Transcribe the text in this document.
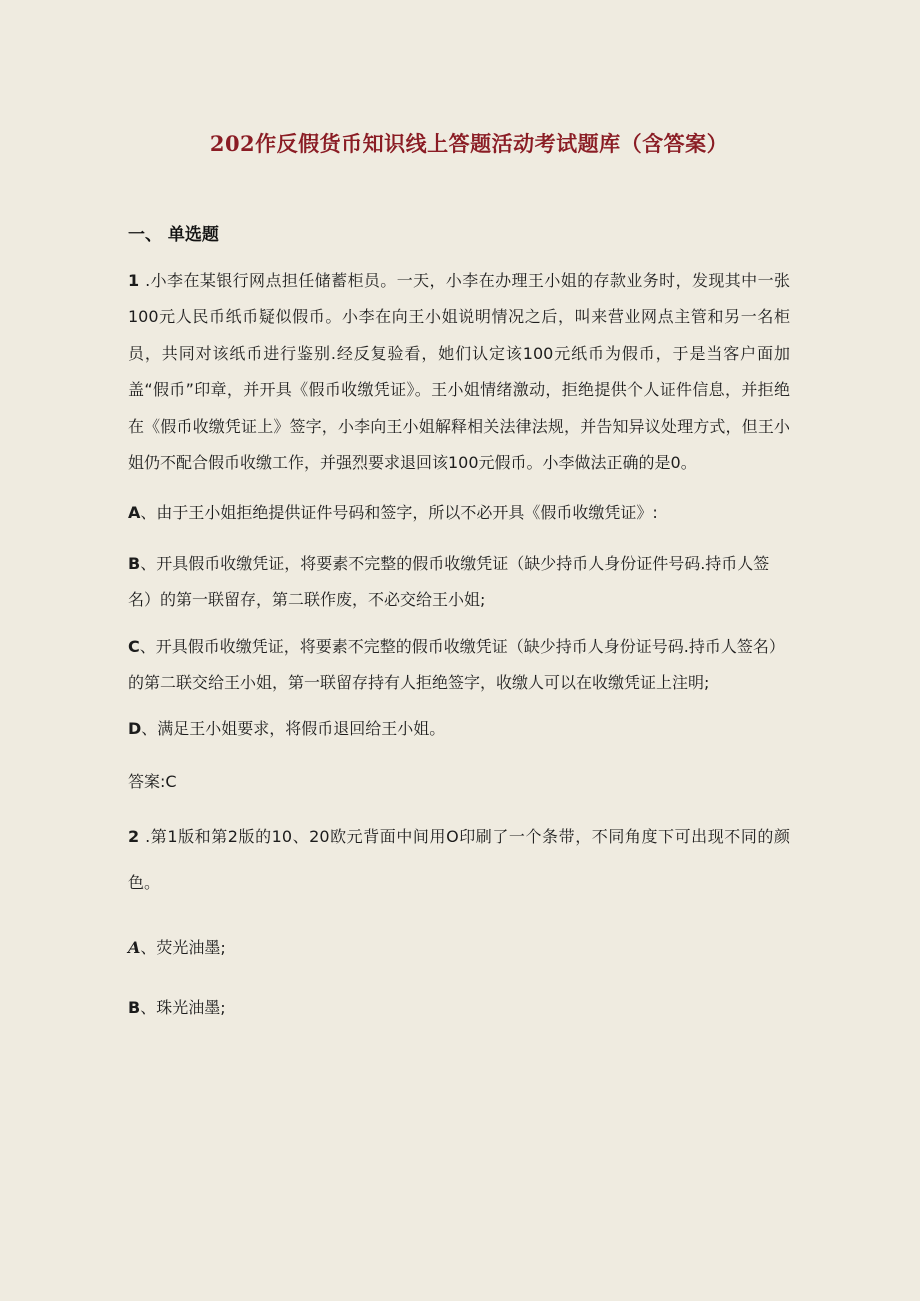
202作反假货币知识线上答题活动考试题库（含答案）
一、 单选题
1 .小李在某银行网点担任储蓄柜员。一天，小李在办理王小姐的存款业务时，发现其中一张100元人民币纸币疑似假币。小李在向王小姐说明情况之后，叫来营业网点主管和另一名柜员，共同对该纸币进行鉴别.经反复验看，她们认定该100元纸币为假币，于是当客户面加盖“假币”印章，并开具《假币收缴凭证》。王小姐情绪激动，拒绝提供个人证件信息，并拒绝在《假币收缴凭证上》签字，小李向王小姐解释相关法律法规，并告知异议处理方式，但王小姐仍不配合假币收缴工作，并强烈要求退回该100元假币。小李做法正确的是0。
A、由于王小姐拒绝提供证件号码和签字，所以不必开具《假币收缴凭证》:
B、开具假币收缴凭证，将要素不完整的假币收缴凭证（缺少持币人身份证件号码.持币人签名）的第一联留存，第二联作废，不必交给王小姐;
C、开具假币收缴凭证，将要素不完整的假币收缴凭证（缺少持币人身份证号码.持币人签名）的第二联交给王小姐，第一联留存持有人拒绝签字，收缴人可以在收缴凭证上注明;
D、满足王小姐要求，将假币退回给王小姐。
答案:C
2 .第1版和第2版的10、20欧元背面中间用O印刷了一个条带，不同角度下可出现不同的颜色。
A、荧光油墨;
B、珠光油墨;
